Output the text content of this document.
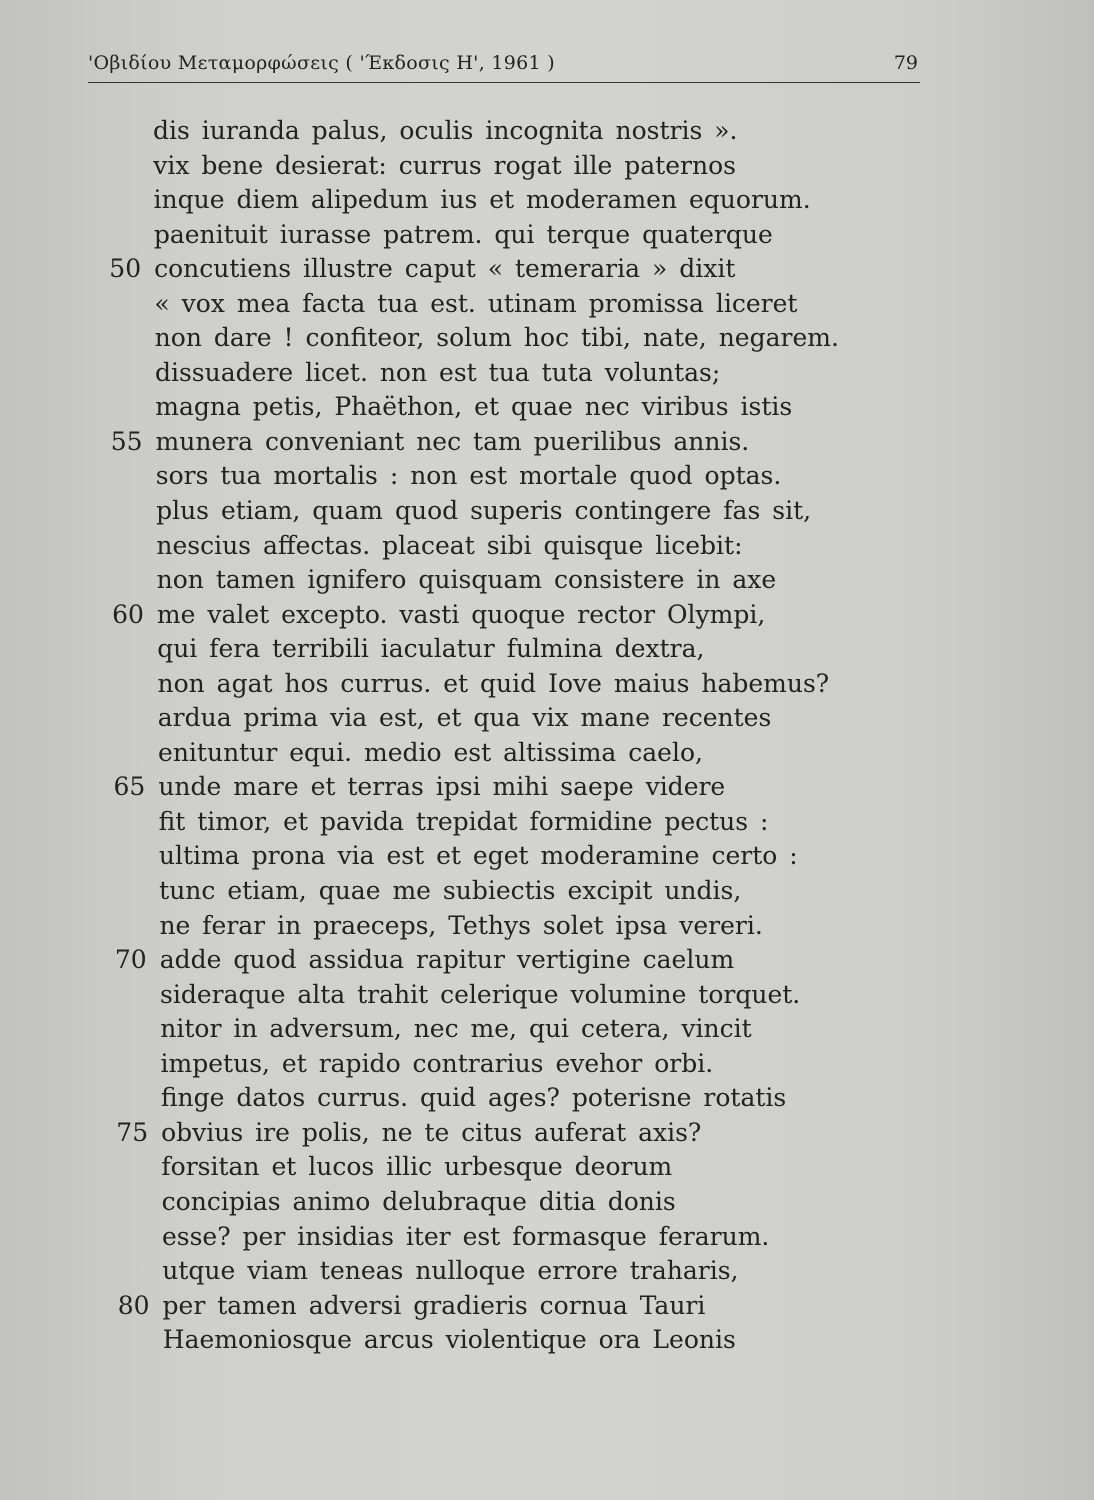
'Οβιδίου Μεταμορφώσεις ( 'Έκδοσις Η', 1961 )	79
dis iuranda palus, oculis incognita nostris ».
vix bene desierat: currus rogat ille paternos
inque diem alipedum ius et moderamen equorum.
paenituit iurasse patrem. qui terque quaterque
50 concutiens illustre caput « temeraria » dixit
« vox mea facta tua est. utinam promissa liceret
non dare ! confiteor, solum hoc tibi, nate, negarem.
dissuadere licet. non est tua tuta voluntas;
magna petis, Phaëthon, et quae nec viribus istis
55 munera conveniant nec tam puerilibus annis.
sors tua mortalis : non est mortale quod optas.
plus etiam, quam quod superis contingere fas sit,
nescius affectas. placeat sibi quisque licebit:
non tamen ignifero quisquam consistere in axe
60 me valet excepto. vasti quoque rector Olympi,
qui fera terribili iaculatur fulmina dextra,
non agat hos currus. et quid Iove maius habemus?
ardua prima via est, et qua vix mane recentes
enituntur equi. medio est altissima caelo,
65 unde mare et terras ipsi mihi saepe videre
fit timor, et pavida trepidat formidine pectus :
ultima prona via est et eget moderamine certo :
tunc etiam, quae me subiectis excipit undis,
ne ferar in praeceps, Tethys solet ipsa vereri.
70 adde quod assidua rapitur vertigine caelum
sideraque alta trahit celerique volumine torquet.
nitor in adversum, nec me, qui cetera, vincit
impetus, et rapido contrarius evehor orbi.
finge datos currus. quid ages? poterisne rotatis
75 obvius ire polis, ne te citus auferat axis?
forsitan et lucos illic urbesque deorum
concipias animo delubraque ditia donis
esse? per insidias iter est formasque ferarum.
utque viam teneas nulloque errore traharis,
80 per tamen adversi gradieris cornua Tauri
Haemoniosque arcus violentique ora Leonis
